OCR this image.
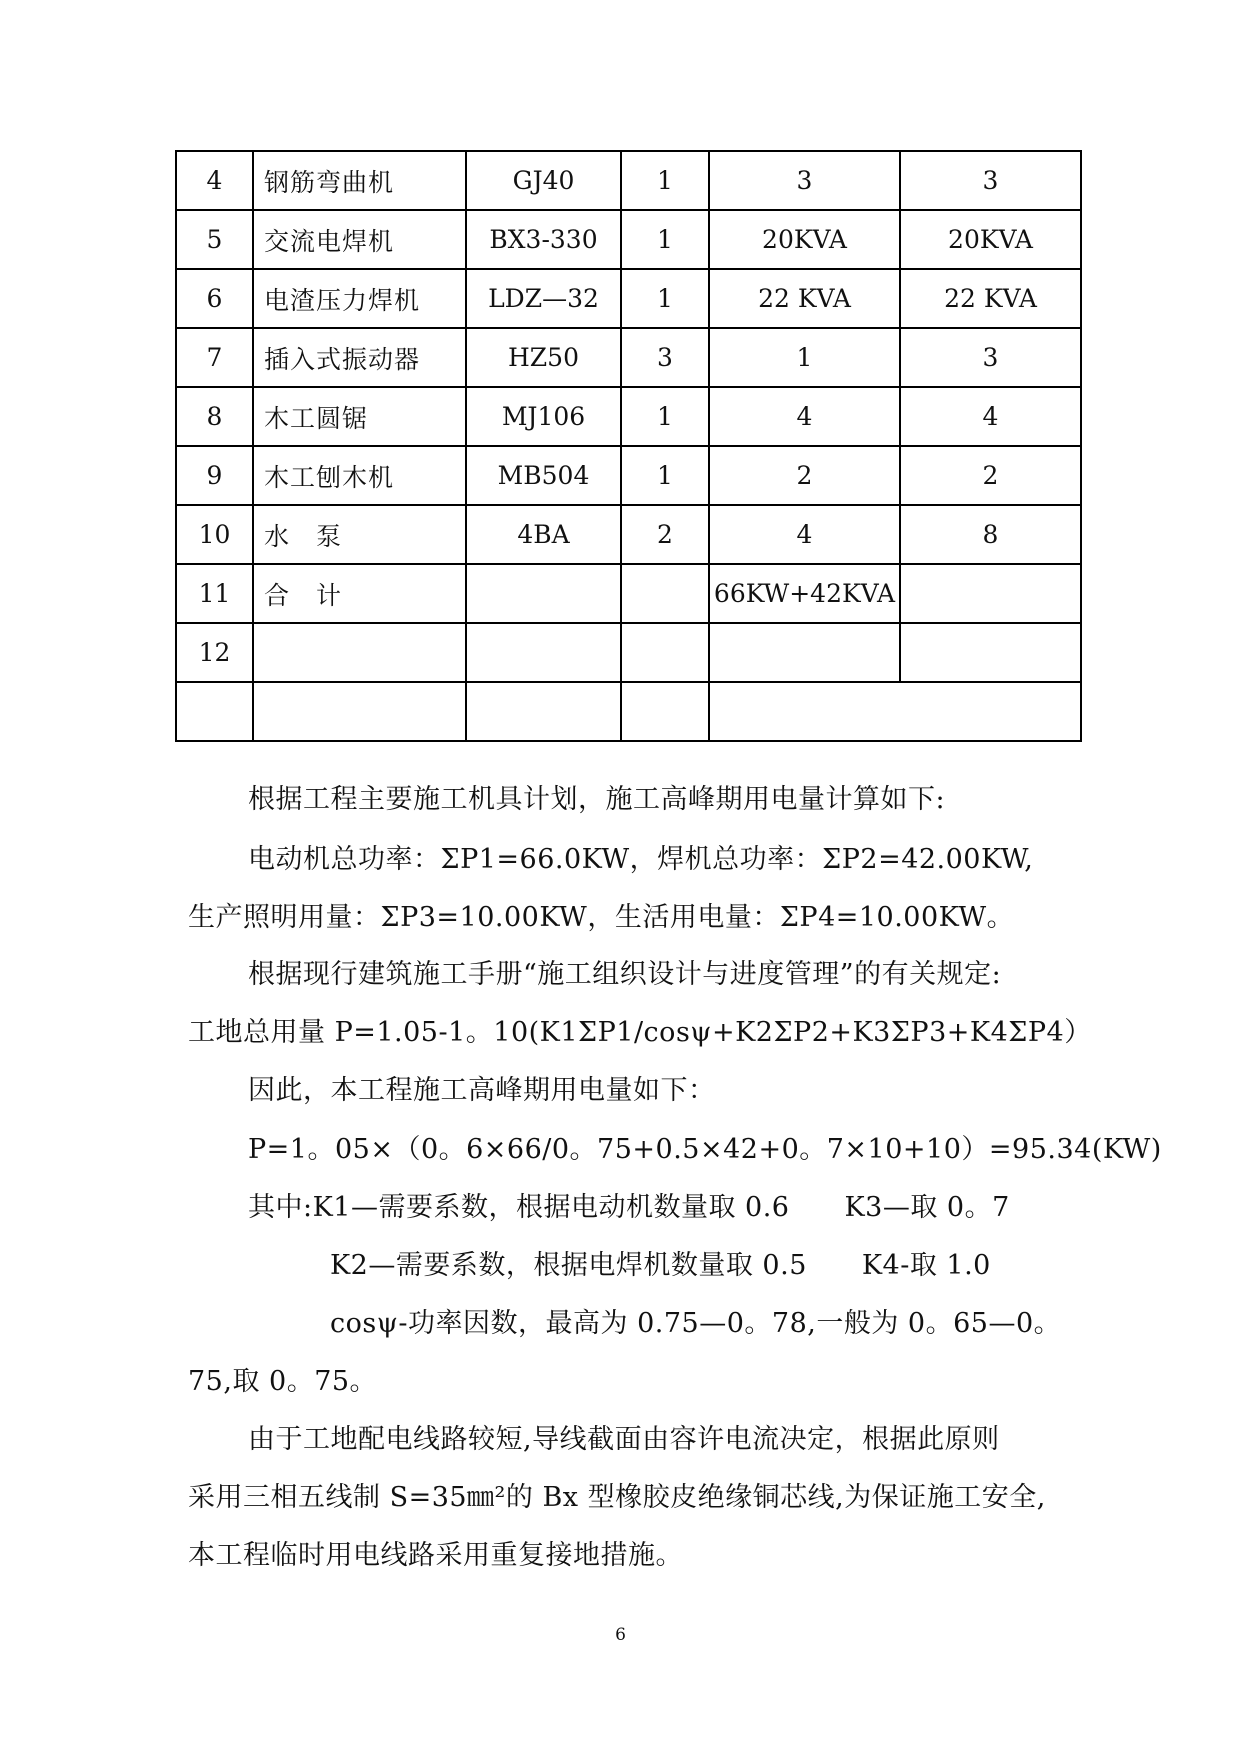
4	钢筋弯曲机	GJ40	1	3	3
5	交流电焊机	BX3-330	1	20KVA	20KVA
6	电渣压力焊机	LDZ—32	1	22 KVA	22 KVA
7	插入式振动器	HZ50	3	1	3
8	木工圆锯	MJ106	1	4	4
9	木工刨木机	MB504	1	2	2
10	水　泵	4BA	2	4	8
11	合　计			66KW+42KVA	
12					

根据工程主要施工机具计划，施工高峰期用电量计算如下:
电动机总功率：ΣP1=66.0KW，焊机总功率：ΣP2=42.00KW,
生产照明用量：ΣP3=10.00KW，生活用电量：ΣP4=10.00KW。
根据现行建筑施工手册“施工组织设计与进度管理”的有关规定:
工地总用量 P=1.05-1。10(K1ΣP1/cosψ+K2ΣP2+K3ΣP3+K4ΣP4）
因此，本工程施工高峰期用电量如下：
P=1。05×（0。6×66/0。75+0.5×42+0。7×10+10）=95.34(KW)
其中:K1—需要系数，根据电动机数量取 0.6　　K3—取 0。7
K2—需要系数，根据电焊机数量取 0.5　　K4-取 1.0
cosψ-功率因数，最高为 0.75—0。78,一般为 0。65—0。
75,取 0。75。
由于工地配电线路较短,导线截面由容许电流决定，根据此原则
采用三相五线制 S=35㎜²的 Bx 型橡胶皮绝缘铜芯线,为保证施工安全,
本工程临时用电线路采用重复接地措施。
6
